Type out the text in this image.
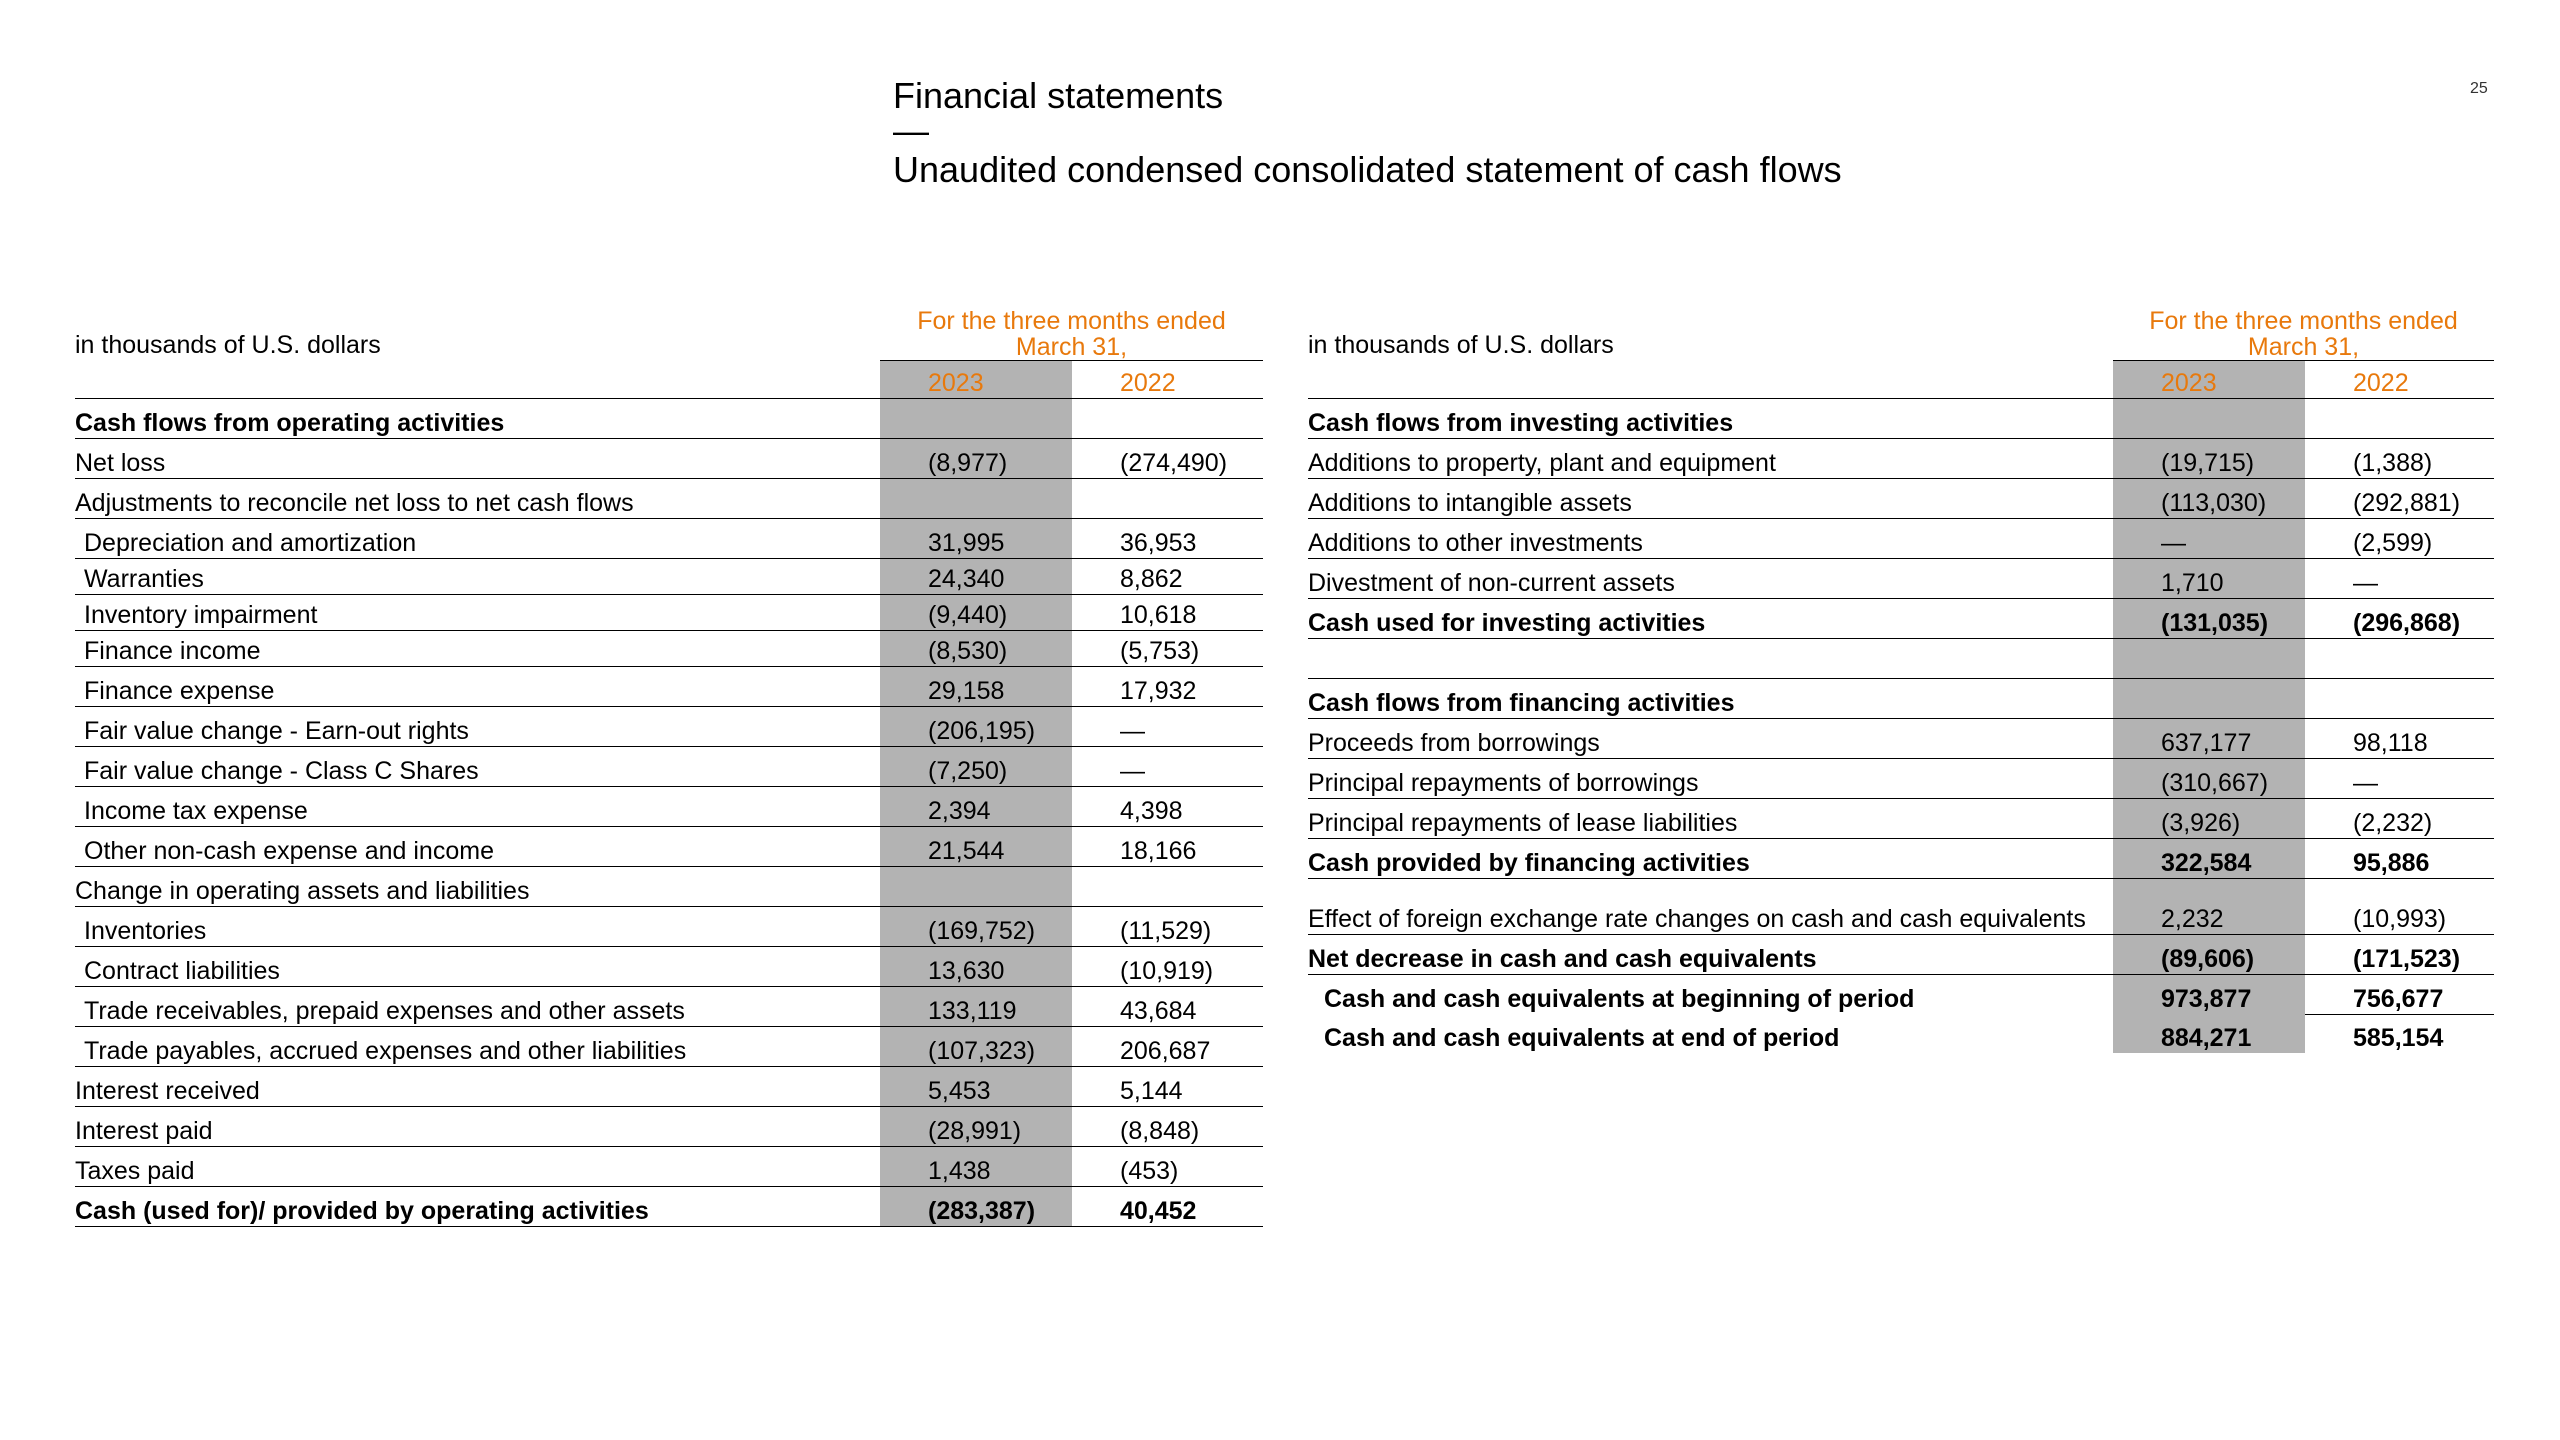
25
Financial statements
—
Unaudited condensed consolidated statement of cash flows
in thousands of U.S. dollars	For the three months ended
March 31,	

	2023	2022
Cash flows from operating activities		
Net loss	(8,977)	(274,490)
Adjustments to reconcile net loss to net cash flows		
Depreciation and amortization	31,995	36,953
Warranties	24,340	8,862
Inventory impairment	(9,440)	10,618
Finance income	(8,530)	(5,753)
Finance expense	29,158	17,932
Fair value change - Earn-out rights	(206,195)	—
Fair value change - Class C Shares	(7,250)	—
Income tax expense	2,394	4,398
Other non-cash expense and income	21,544	18,166
Change in operating assets and liabilities		
Inventories	(169,752)	(11,529)
Contract liabilities	13,630	(10,919)
Trade receivables, prepaid expenses and other assets	133,119	43,684
Trade payables, accrued expenses and other liabilities	(107,323)	206,687
Interest received	5,453	5,144
Interest paid	(28,991)	(8,848)
Taxes paid	1,438	(453)
Cash (used for)/ provided by operating activities	(283,387)	40,452
in thousands of U.S. dollars	For the three months ended
March 31,	

	2023	2022
Cash flows from investing activities		
Additions to property, plant and equipment	(19,715)	(1,388)
Additions to intangible assets	(113,030)	(292,881)
Additions to other investments	—	(2,599)
Divestment of non-current assets	1,710	—
Cash used for investing activities	(131,035)	(296,868)

Cash flows from financing activities		
Proceeds from borrowings	637,177	98,118
Principal repayments of borrowings	(310,667)	—
Principal repayments of lease liabilities	(3,926)	(2,232)
Cash provided by financing activities	322,584	95,886
Effect of foreign exchange rate changes on cash and cash equivalents	2,232	(10,993)
Net decrease in cash and cash equivalents	(89,606)	(171,523)
Cash and cash equivalents at beginning of period	973,877	756,677
Cash and cash equivalents at end of period	884,271	585,154
